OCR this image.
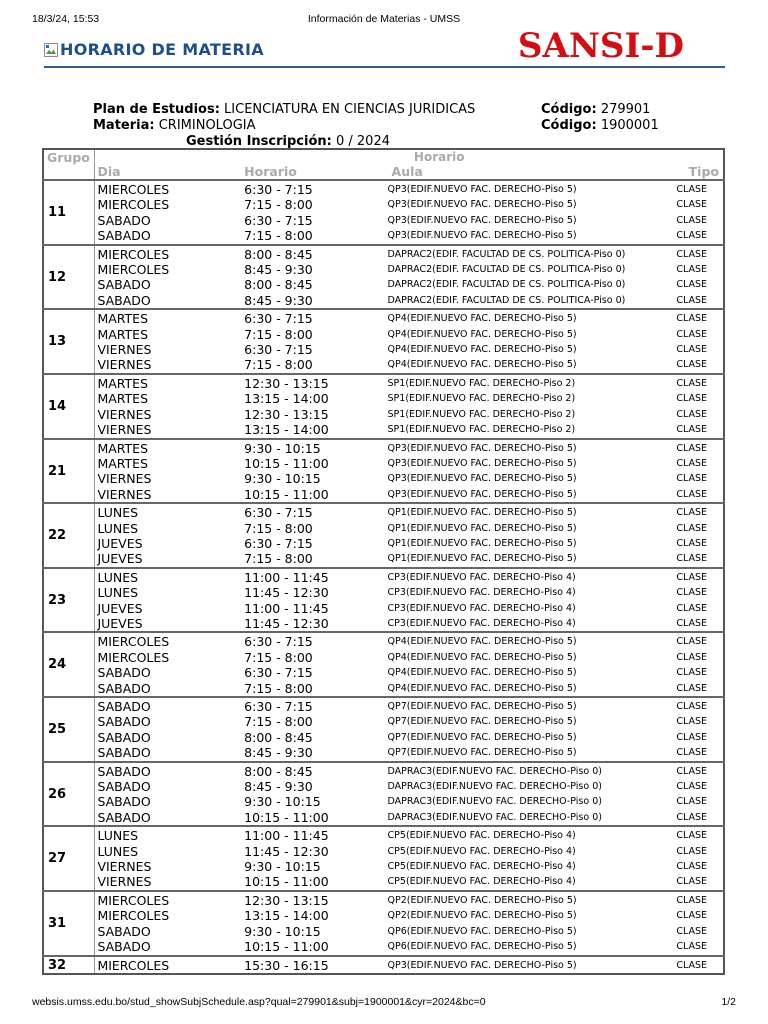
18/3/24, 15:53	Información de Materias - UMSS
HORARIO DE MATERIA	SANSI-D
Plan de Estudios: LICENCIATURA EN CIENCIAS JURIDICAS	Código: 279901
Materia: CRIMINOLOGIA	Código: 1900001
Gestión Inscripción: 0 / 2024
Grupo	Horario			
	Dia	Horario	Aula	Tipo
11	MIERCOLES	6:30 - 7:15	QP3(EDIF.NUEVO FAC. DERECHO-Piso 5)	CLASE
	MIERCOLES	7:15 - 8:00	QP3(EDIF.NUEVO FAC. DERECHO-Piso 5)	CLASE
	SABADO	6:30 - 7:15	QP3(EDIF.NUEVO FAC. DERECHO-Piso 5)	CLASE
	SABADO	7:15 - 8:00	QP3(EDIF.NUEVO FAC. DERECHO-Piso 5)	CLASE
12	MIERCOLES	8:00 - 8:45	DAPRAC2(EDIF. FACULTAD DE CS. POLITICA-Piso 0)	CLASE
	MIERCOLES	8:45 - 9:30	DAPRAC2(EDIF. FACULTAD DE CS. POLITICA-Piso 0)	CLASE
	SABADO	8:00 - 8:45	DAPRAC2(EDIF. FACULTAD DE CS. POLITICA-Piso 0)	CLASE
	SABADO	8:45 - 9:30	DAPRAC2(EDIF. FACULTAD DE CS. POLITICA-Piso 0)	CLASE
13	MARTES	6:30 - 7:15	QP4(EDIF.NUEVO FAC. DERECHO-Piso 5)	CLASE
	MARTES	7:15 - 8:00	QP4(EDIF.NUEVO FAC. DERECHO-Piso 5)	CLASE
	VIERNES	6:30 - 7:15	QP4(EDIF.NUEVO FAC. DERECHO-Piso 5)	CLASE
	VIERNES	7:15 - 8:00	QP4(EDIF.NUEVO FAC. DERECHO-Piso 5)	CLASE
14	MARTES	12:30 - 13:15	SP1(EDIF.NUEVO FAC. DERECHO-Piso 2)	CLASE
	MARTES	13:15 - 14:00	SP1(EDIF.NUEVO FAC. DERECHO-Piso 2)	CLASE
	VIERNES	12:30 - 13:15	SP1(EDIF.NUEVO FAC. DERECHO-Piso 2)	CLASE
	VIERNES	13:15 - 14:00	SP1(EDIF.NUEVO FAC. DERECHO-Piso 2)	CLASE
21	MARTES	9:30 - 10:15	QP3(EDIF.NUEVO FAC. DERECHO-Piso 5)	CLASE
	MARTES	10:15 - 11:00	QP3(EDIF.NUEVO FAC. DERECHO-Piso 5)	CLASE
	VIERNES	9:30 - 10:15	QP3(EDIF.NUEVO FAC. DERECHO-Piso 5)	CLASE
	VIERNES	10:15 - 11:00	QP3(EDIF.NUEVO FAC. DERECHO-Piso 5)	CLASE
22	LUNES	6:30 - 7:15	QP1(EDIF.NUEVO FAC. DERECHO-Piso 5)	CLASE
	LUNES	7:15 - 8:00	QP1(EDIF.NUEVO FAC. DERECHO-Piso 5)	CLASE
	JUEVES	6:30 - 7:15	QP1(EDIF.NUEVO FAC. DERECHO-Piso 5)	CLASE
	JUEVES	7:15 - 8:00	QP1(EDIF.NUEVO FAC. DERECHO-Piso 5)	CLASE
23	LUNES	11:00 - 11:45	CP3(EDIF.NUEVO FAC. DERECHO-Piso 4)	CLASE
	LUNES	11:45 - 12:30	CP3(EDIF.NUEVO FAC. DERECHO-Piso 4)	CLASE
	JUEVES	11:00 - 11:45	CP3(EDIF.NUEVO FAC. DERECHO-Piso 4)	CLASE
	JUEVES	11:45 - 12:30	CP3(EDIF.NUEVO FAC. DERECHO-Piso 4)	CLASE
24	MIERCOLES	6:30 - 7:15	QP4(EDIF.NUEVO FAC. DERECHO-Piso 5)	CLASE
	MIERCOLES	7:15 - 8:00	QP4(EDIF.NUEVO FAC. DERECHO-Piso 5)	CLASE
	SABADO	6:30 - 7:15	QP4(EDIF.NUEVO FAC. DERECHO-Piso 5)	CLASE
	SABADO	7:15 - 8:00	QP4(EDIF.NUEVO FAC. DERECHO-Piso 5)	CLASE
25	SABADO	6:30 - 7:15	QP7(EDIF.NUEVO FAC. DERECHO-Piso 5)	CLASE
	SABADO	7:15 - 8:00	QP7(EDIF.NUEVO FAC. DERECHO-Piso 5)	CLASE
	SABADO	8:00 - 8:45	QP7(EDIF.NUEVO FAC. DERECHO-Piso 5)	CLASE
	SABADO	8:45 - 9:30	QP7(EDIF.NUEVO FAC. DERECHO-Piso 5)	CLASE
26	SABADO	8:00 - 8:45	DAPRAC3(EDIF.NUEVO FAC. DERECHO-Piso 0)	CLASE
	SABADO	8:45 - 9:30	DAPRAC3(EDIF.NUEVO FAC. DERECHO-Piso 0)	CLASE
	SABADO	9:30 - 10:15	DAPRAC3(EDIF.NUEVO FAC. DERECHO-Piso 0)	CLASE
	SABADO	10:15 - 11:00	DAPRAC3(EDIF.NUEVO FAC. DERECHO-Piso 0)	CLASE
27	LUNES	11:00 - 11:45	CP5(EDIF.NUEVO FAC. DERECHO-Piso 4)	CLASE
	LUNES	11:45 - 12:30	CP5(EDIF.NUEVO FAC. DERECHO-Piso 4)	CLASE
	VIERNES	9:30 - 10:15	CP5(EDIF.NUEVO FAC. DERECHO-Piso 4)	CLASE
	VIERNES	10:15 - 11:00	CP5(EDIF.NUEVO FAC. DERECHO-Piso 4)	CLASE
31	MIERCOLES	12:30 - 13:15	QP2(EDIF.NUEVO FAC. DERECHO-Piso 5)	CLASE
	MIERCOLES	13:15 - 14:00	QP2(EDIF.NUEVO FAC. DERECHO-Piso 5)	CLASE
	SABADO	9:30 - 10:15	QP6(EDIF.NUEVO FAC. DERECHO-Piso 5)	CLASE
	SABADO	10:15 - 11:00	QP6(EDIF.NUEVO FAC. DERECHO-Piso 5)	CLASE
32	MIERCOLES	15:30 - 16:15	QP3(EDIF.NUEVO FAC. DERECHO-Piso 5)	CLASE
websis.umss.edu.bo/stud_showSubjSchedule.asp?qual=279901&subj=1900001&cyr=2024&bc=0	1/2
